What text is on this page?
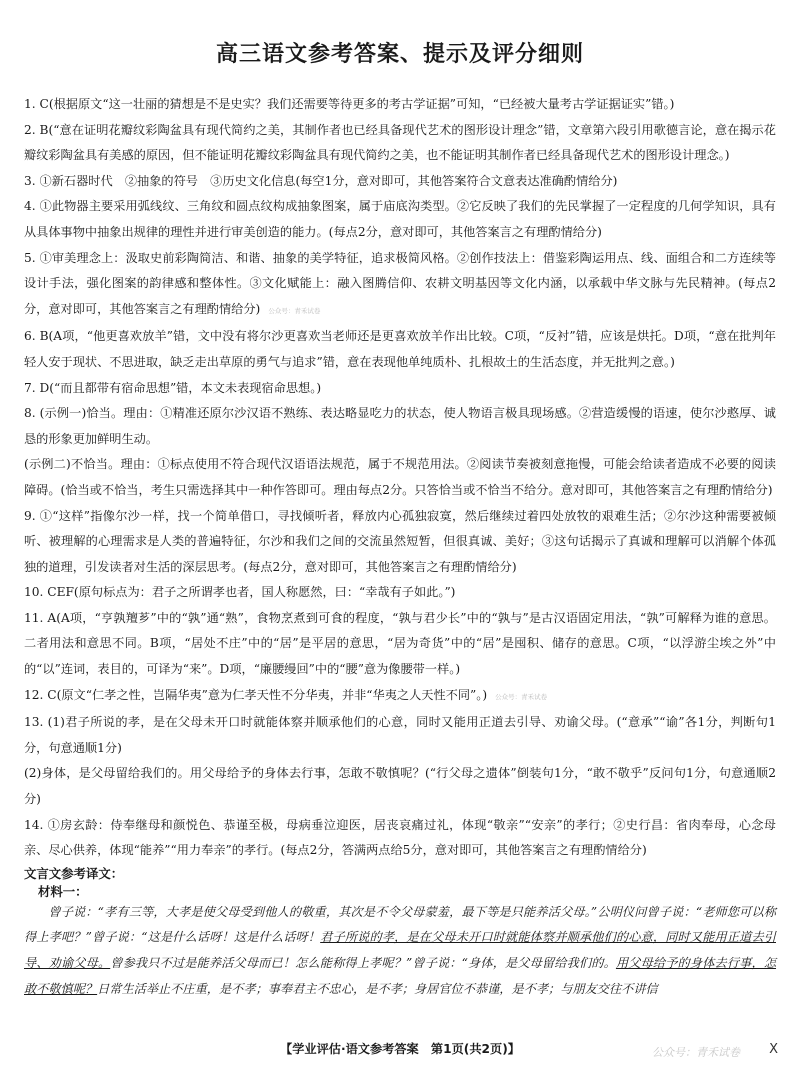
高三语文参考答案、提示及评分细则

1. C(根据原文“这一壮丽的猜想是不是史实？我们还需要等待更多的考古学证据”可知，“已经被大量考古学证据证实”错。)

2. B(“意在证明花瓣纹彩陶盆具有现代简约之美，其制作者也已经具备现代艺术的图形设计理念”错，文章第六段引用歌德言论，意在揭示花瓣纹彩陶盆具有美感的原因，但不能证明花瓣纹彩陶盆具有现代简约之美，也不能证明其制作者已经具备现代艺术的图形设计理念。)

3. ①新石器时代　②抽象的符号　③历史文化信息(每空1分，意对即可，其他答案符合文意表达准确酌情给分)

4. ①此物器主要采用弧线纹、三角纹和圆点纹构成抽象图案，属于庙底沟类型。②它反映了我们的先民掌握了一定程度的几何学知识，具有从具体事物中抽象出规律的理性并进行审美创造的能力。(每点2分，意对即可，其他答案言之有理酌情给分)

5. ①审美理念上：汲取史前彩陶简洁、和谐、抽象的美学特征，追求极简风格。②创作技法上：借鉴彩陶运用点、线、面组合和二方连续等设计手法，强化图案的韵律感和整体性。③文化赋能上：融入图腾信仰、农耕文明基因等文化内涵，以承载中华文脉与先民精神。(每点2分，意对即可，其他答案言之有理酌情给分) 公众号：青禾试卷

6. B(A项，“他更喜欢放羊”错，文中没有将尔沙更喜欢当老师还是更喜欢放羊作出比较。C项，“反衬”错，应该是烘托。D项，“意在批判年轻人安于现状、不思进取，缺乏走出草原的勇气与追求”错，意在表现他单纯质朴、扎根故土的生活态度，并无批判之意。)

7. D(“而且都带有宿命思想”错，本文未表现宿命思想。)

8. (示例一)恰当。理由：①精准还原尔沙汉语不熟练、表达略显吃力的状态，使人物语言极具现场感。②营造缓慢的语速，使尔沙憨厚、诚恳的形象更加鲜明生动。

(示例二)不恰当。理由：①标点使用不符合现代汉语语法规范，属于不规范用法。②阅读节奏被刻意拖慢，可能会给读者造成不必要的阅读障碍。(恰当或不恰当，考生只需选择其中一种作答即可。理由每点2分。只答恰当或不恰当不给分。意对即可，其他答案言之有理酌情给分)

9. ①“这样”指像尔沙一样，找一个简单借口，寻找倾听者，释放内心孤独寂寞，然后继续过着四处放牧的艰难生活；②尔沙这种需要被倾听、被理解的心理需求是人类的普遍特征，尔沙和我们之间的交流虽然短暂，但很真诚、美好；③这句话揭示了真诚和理解可以消解个体孤独的道理，引发读者对生活的深层思考。(每点2分，意对即可，其他答案言之有理酌情给分)

10. CEF(原句标点为：君子之所谓孝也者，国人称愿然，曰：“幸哉有子如此。”)

11. A(A项，“亨孰羶芗”中的“孰”通“熟”，食物烹煮到可食的程度，“孰与君少长”中的“孰与”是古汉语固定用法，“孰”可解释为谁的意思。二者用法和意思不同。B项，“居处不庄”中的“居”是平居的意思，“居为奇货”中的“居”是囤积、储存的意思。C项，“以浮游尘埃之外”中的“以”连词，表目的，可译为“来”。D项，“廉腰缦回”中的“腰”意为像腰带一样。)

12. C(原文“仁孝之性，岂隔华夷”意为仁孝天性不分华夷，并非“华夷之人天性不同”。) 公众号：青禾试卷

13. (1)君子所说的孝，是在父母未开口时就能体察并顺承他们的心意，同时又能用正道去引导、劝谕父母。(“意承”“谕”各1分，判断句1分，句意通顺1分)

(2)身体，是父母留给我们的。用父母给予的身体去行事，怎敢不敬慎呢？(“行父母之遗体”倒装句1分，“敢不敬乎”反问句1分，句意通顺2分)

14. ①房玄龄：侍奉继母和颜悦色、恭谨至极，母病垂泣迎医，居丧哀痛过礼，体现“敬亲”“安亲”的孝行；②史行昌：省肉奉母，心念母亲、尽心供养，体现“能养”“用力奉亲”的孝行。(每点2分，答满两点给5分，意对即可，其他答案言之有理酌情给分)

文言文参考译文：

材料一：

曾子说：“孝有三等，大孝是使父母受到他人的敬重，其次是不令父母蒙羞，最下等是只能养活父母。”公明仪问曾子说：“老师您可以称得上孝吧？”曾子说：“这是什么话呀！这是什么话呀！君子所说的孝，是在父母未开口时就能体察并顺承他们的心意，同时又能用正道去引导、劝谕父母。曾参我只不过是能养活父母而已！怎么能称得上孝呢？”曾子说：“身体，是父母留给我们的。用父母给予的身体去行事，怎敢不敬慎呢？日常生活举止不庄重，是不孝；事奉君主不忠心，是不孝；身居官位不恭谨，是不孝；与朋友交往不讲信

【学业评估·语文参考答案　第1页(共2页)】	公众号：青禾试卷 X
